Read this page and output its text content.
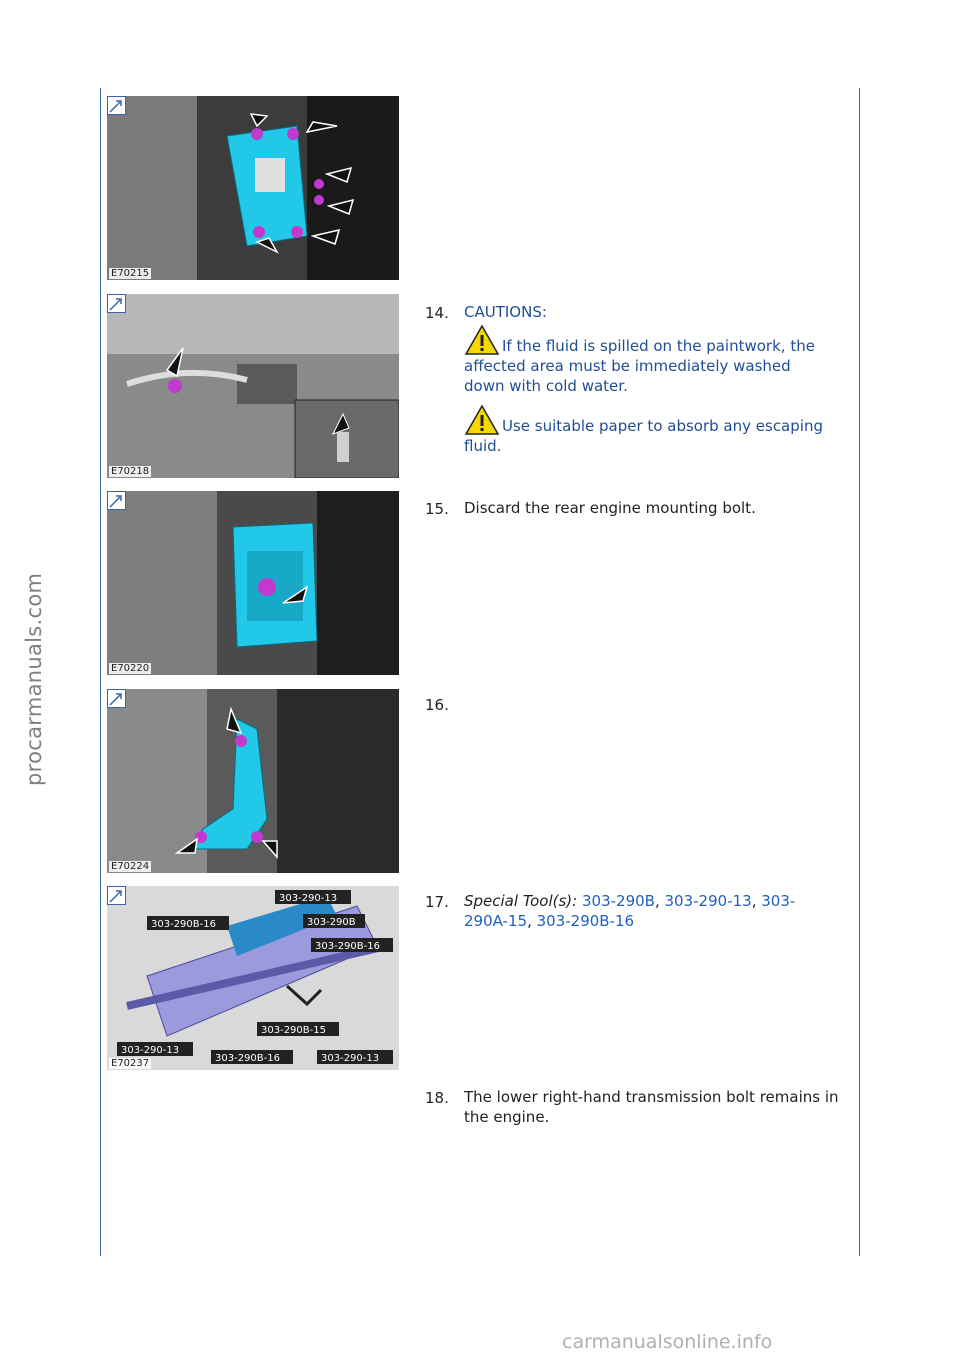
procarmanuals.com
E70215
E70218
E70220
E70224
303-290-13
303-290B-16	303-290B
303-290B-16
303-290B-15
303-290-13
303-290B-16	303-290-13
E70237
14. CAUTIONS:
If the fluid is spilled on the paintwork, the affected area must be immediately washed down with cold water.
Use suitable paper to absorb any escaping fluid.
15. Discard the rear engine mounting bolt.
16.
17. Special Tool(s): 303-290B, 303-290-13, 303-290A-15, 303-290B-16
18. The lower right-hand transmission bolt remains in the engine.
carmanualsonline.info
